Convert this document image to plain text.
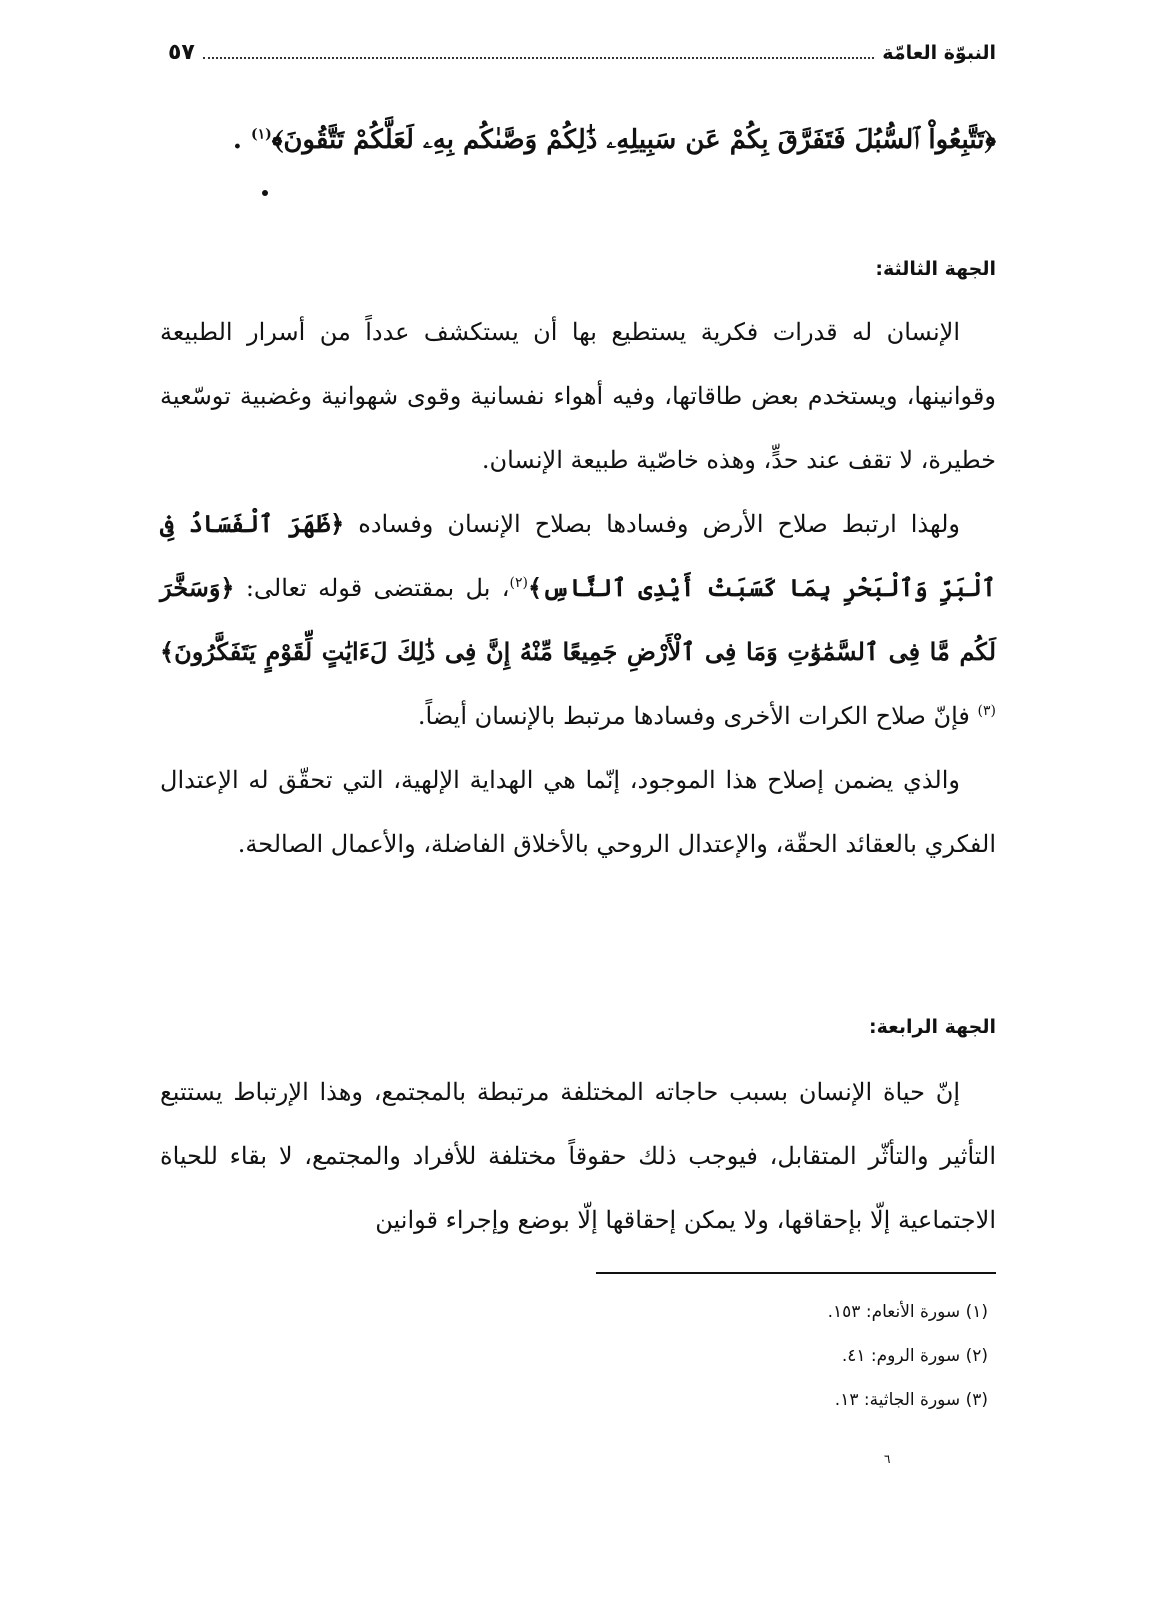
النبوّة العامّة
٥٧
﴿تَتَّبِعُواْ ٱلسُّبُلَ فَتَفَرَّقَ بِكُمْ عَن سَبِيلِهِۦ ذَٰلِكُمْ وَصَّىٰكُم بِهِۦ لَعَلَّكُمْ تَتَّقُونَ﴾$^{(١)}$ .
الجهة الثالثة:

الإنسان له قدرات فكرية يستطيع بها أن يستكشف عدداً من أسرار الطبيعة وقوانينها، ويستخدم بعض طاقاتها، وفيه أهواء نفسانية وقوى شهوانية وغضبية توسّعية خطيرة، لا تقف عند حدٍّ، وهذه خاصّية طبيعة الإنسان.

ولهذا ارتبط صلاح الأرض وفسادها بصلاح الإنسان وفساده ﴿ظَهَرَ ٱلْفَسَادُ فِى ٱلْبَرِّ وَٱلْبَحْرِ بِمَا كَسَبَتْ أَيْدِى ٱلنَّاسِ﴾$^{(٢)}$، بل بمقتضى قوله تعالى: ﴿وَسَخَّرَ لَكُم مَّا فِى ٱلسَّمَٰوَٰتِ وَمَا فِى ٱلْأَرْضِ جَمِيعًا مِّنْهُ إِنَّ فِى ذَٰلِكَ لَءَايَٰتٍ لِّقَوْمٍ يَتَفَكَّرُونَ﴾$^{(٣)}$ فإنّ صلاح الكرات الأخرى وفسادها مرتبط بالإنسان أيضاً.

والذي يضمن إصلاح هذا الموجود، إنّما هي الهداية الإلهية، التي تحقّق له الإعتدال الفكري بالعقائد الحقّة، والإعتدال الروحي بالأخلاق الفاضلة، والأعمال الصالحة.

الجهة الرابعة:

إنّ حياة الإنسان بسبب حاجاته المختلفة مرتبطة بالمجتمع، وهذا الإرتباط يستتبع التأثير والتأثّر المتقابل، فيوجب ذلك حقوقاً مختلفة للأفراد والمجتمع، لا بقاء للحياة الاجتماعية إلّا بإحقاقها، ولا يمكن إحقاقها إلّا بوضع وإجراء قوانين

(١) سورة الأنعام: ١٥٣.
(٢) سورة الروم: ٤١.
(٣) سورة الجاثية: ١٣.
٦
